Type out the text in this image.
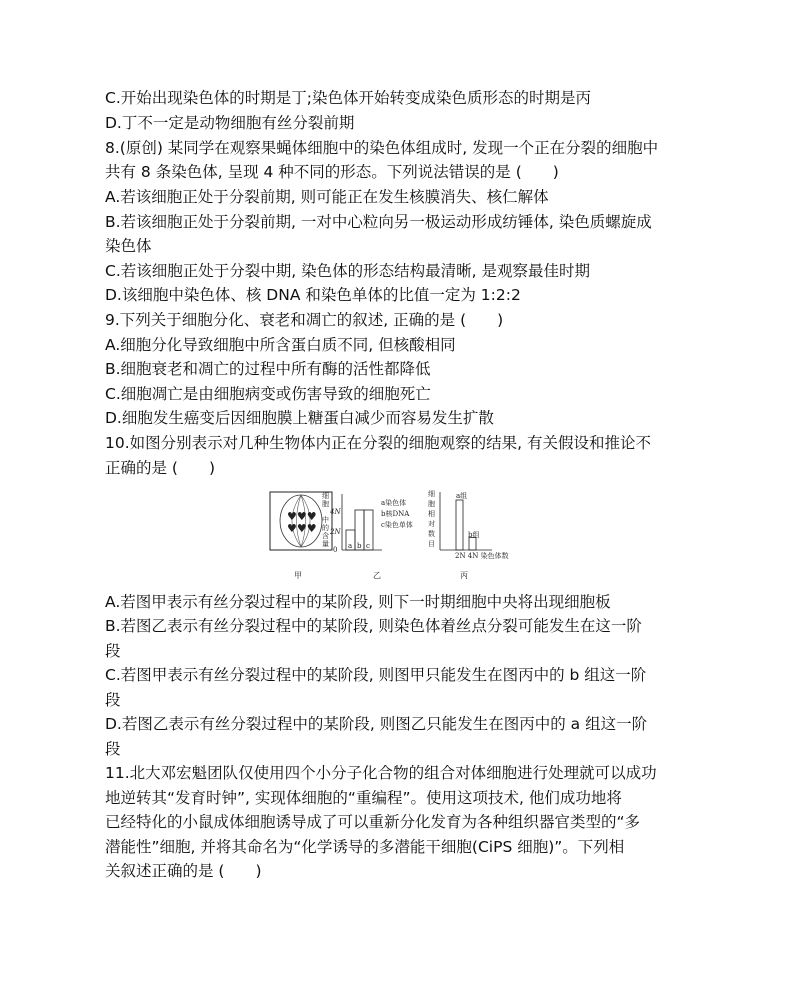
C.开始出现染色体的时期是丁;染色体开始转变成染色质形态的时期是丙
D.丁不一定是动物细胞有丝分裂前期
8.(原创) 某同学在观察果蝇体细胞中的染色体组成时, 发现一个正在分裂的细胞中
共有 8 条染色体, 呈现 4 种不同的形态。下列说法错误的是 (　　)
A.若该细胞正处于分裂前期, 则可能正在发生核膜消失、核仁解体
B.若该细胞正处于分裂前期, 一对中心粒向另一极运动形成纺锤体, 染色质螺旋成
染色体
C.若该细胞正处于分裂中期, 染色体的形态结构最清晰, 是观察最佳时期
D.该细胞中染色体、核 DNA 和染色单体的比值一定为 1:2:2
9.下列关于细胞分化、衰老和凋亡的叙述, 正确的是 (　　)
A.细胞分化导致细胞中所含蛋白质不同, 但核酸相同
B.细胞衰老和凋亡的过程中所有酶的活性都降低
C.细胞凋亡是由细胞病变或伤害导致的细胞死亡
D.细胞发生癌变后因细胞膜上糖蛋白减少而容易发生扩散
10.如图分别表示对几种生物体内正在分裂的细胞观察的结果, 有关假设和推论不
正确的是 (　　)
♥♥♥
♥♥♥
细
胞
中
的
含
量
4N
2N
0 a b c
a染色体
b核DNA
c染色单体
细
胞
相
对
数
目
a组
b组
2N 4N 染色体数
甲	乙	丙
A.若图甲表示有丝分裂过程中的某阶段, 则下一时期细胞中央将出现细胞板
B.若图乙表示有丝分裂过程中的某阶段, 则染色体着丝点分裂可能发生在这一阶
段
C.若图甲表示有丝分裂过程中的某阶段, 则图甲只能发生在图丙中的 b 组这一阶
段
D.若图乙表示有丝分裂过程中的某阶段, 则图乙只能发生在图丙中的 a 组这一阶
段
11.北大邓宏魁团队仅使用四个小分子化合物的组合对体细胞进行处理就可以成功
地逆转其“发育时钟”, 实现体细胞的“重编程”。使用这项技术, 他们成功地将
已经特化的小鼠成体细胞诱导成了可以重新分化发育为各种组织器官类型的“多
潜能性”细胞, 并将其命名为“化学诱导的多潜能干细胞(CiPS 细胞)”。下列相
关叙述正确的是 (　　)
